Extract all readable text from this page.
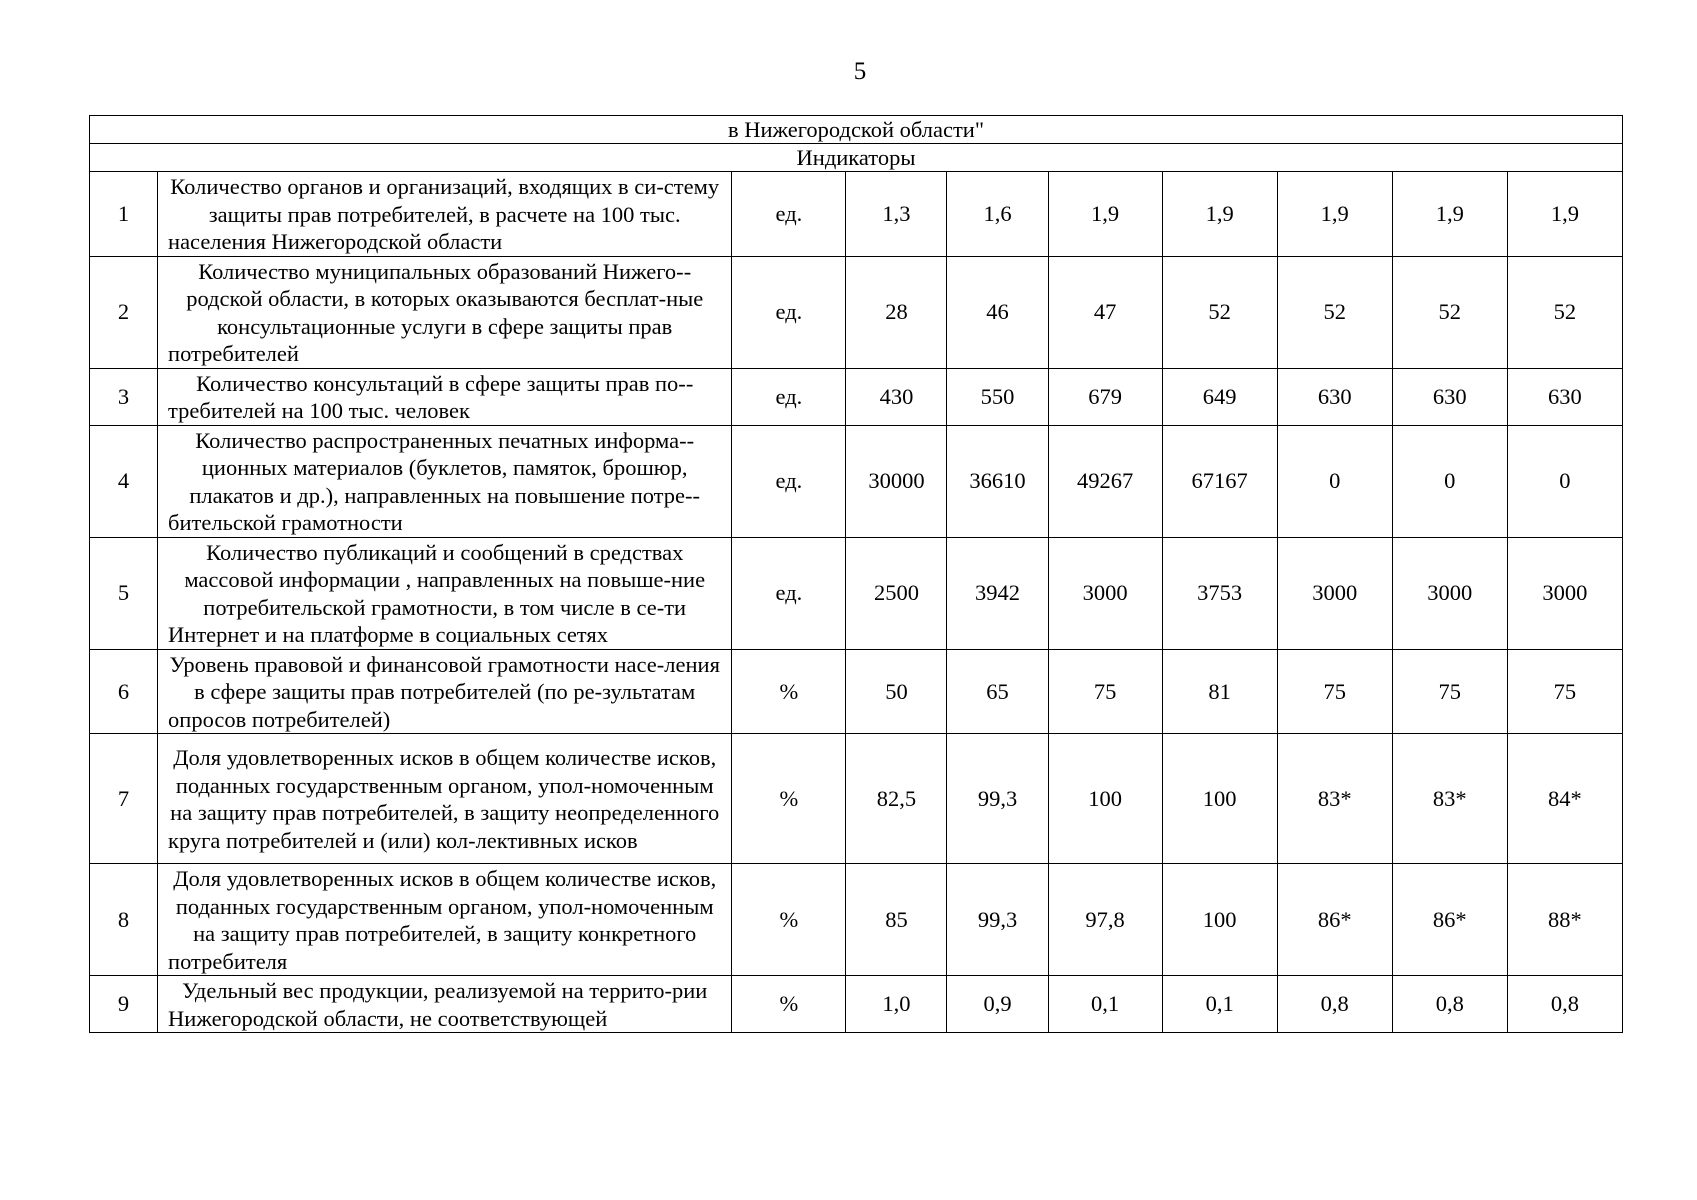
5
в Нижегородской области"									
Индикаторы									
1	Количество органов и организаций, входящих в си-стему защиты прав потребителей, в расчете на 100 тыс. населения Нижегородской области	ед.	1,3	1,6	1,9	1,9	1,9	1,9	1,9
2	Количество муниципальных образований Нижего-родской области, в которых оказываются бесплат-ные консультационные услуги в сфере защиты прав потребителей	ед.	28	46	47	52	52	52	52
3	Количество консультаций в сфере защиты прав по-требителей на 100 тыс. человек	ед.	430	550	679	649	630	630	630
4	Количество распространенных печатных информа-ционных материалов (буклетов, памяток, брошюр, плакатов и др.), направленных на повышение потре-бительской грамотности	ед.	30000	36610	49267	67167	0	0	0
5	Количество публикаций и сообщений в средствах массовой информации , направленных на повыше-ние потребительской грамотности, в том числе в се-ти Интернет и на платформе в социальных сетях	ед.	2500	3942	3000	3753	3000	3000	3000
6	Уровень правовой и финансовой грамотности насе-ления в сфере защиты прав потребителей (по ре-зультатам опросов потребителей)	%	50	65	75	81	75	75	75
7	Доля удовлетворенных исков в общем количестве исков, поданных государственным органом, упол-номоченным на защиту прав потребителей, в защиту неопределенного круга потребителей и (или) кол-лективных исков	%	82,5	99,3	100	100	83*	83*	84*
8	Доля удовлетворенных исков в общем количестве исков, поданных государственным органом, упол-номоченным на защиту прав потребителей, в защиту конкретного потребителя	%	85	99,3	97,8	100	86*	86*	88*
9	Удельный вес продукции, реализуемой на террито-рии Нижегородской области, не соответствующей	%	1,0	0,9	0,1	0,1	0,8	0,8	0,8
